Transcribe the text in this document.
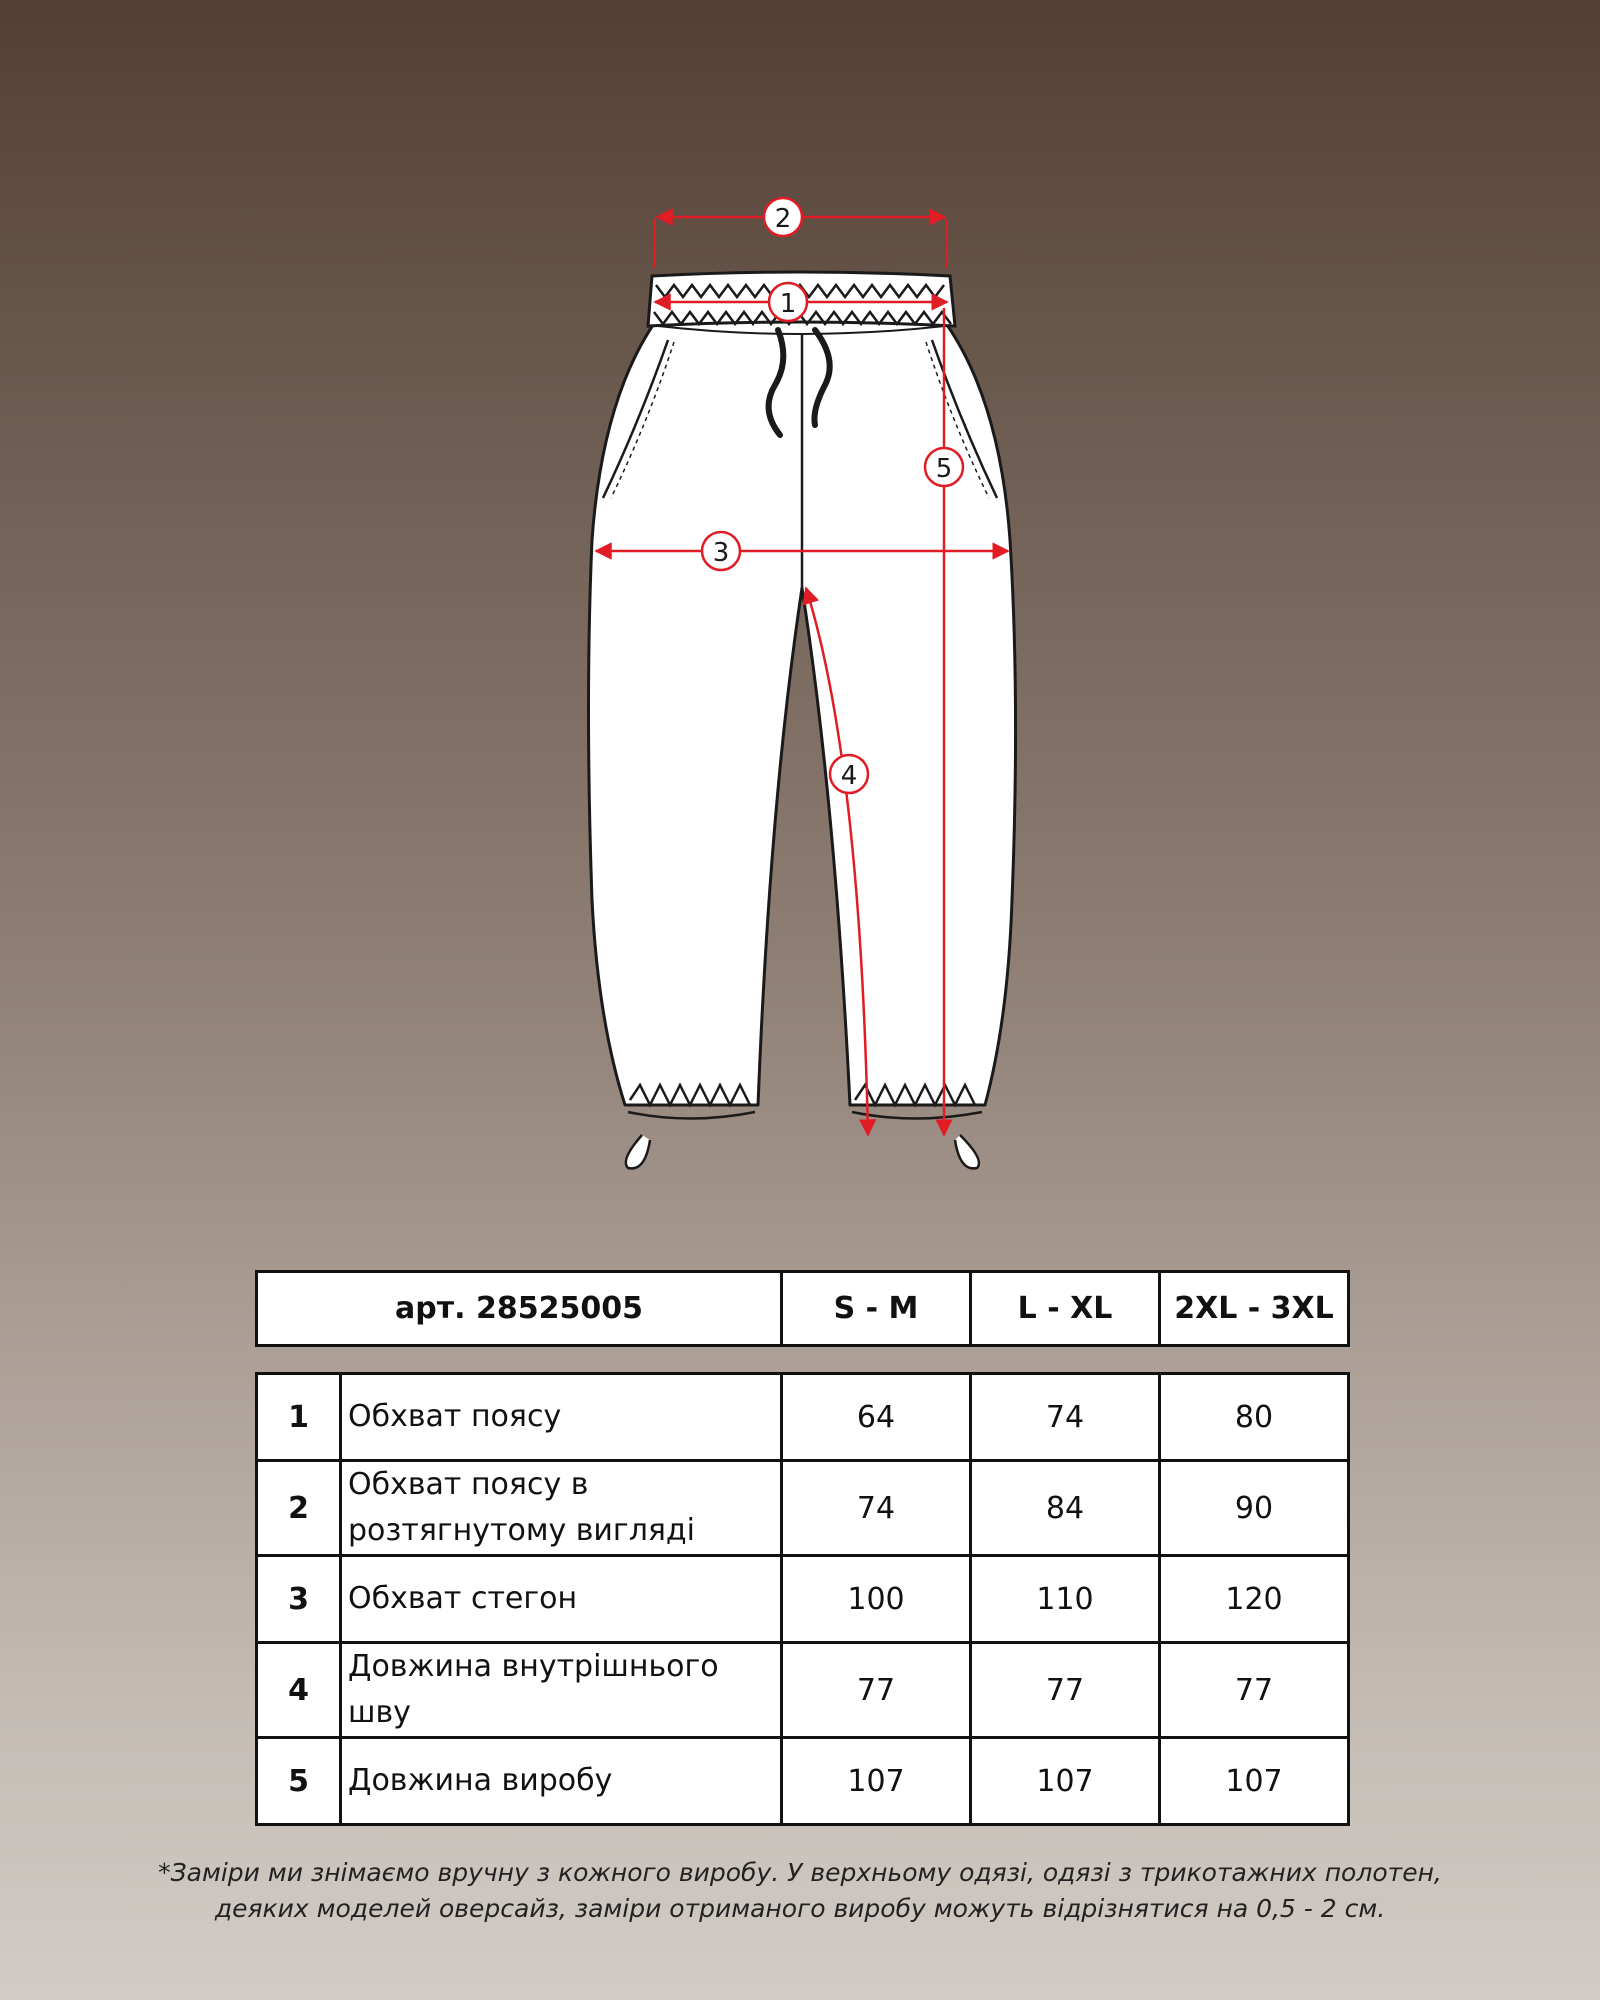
2
1
3
4
5
арт. 28525005	S - M	L - XL	2XL - 3XL
1	Обхват поясу	64	74	80
2	Обхват поясу в розтягнутому вигляді	74	84	90
3	Обхват стегон	100	110	120
4	Довжина внутрішнього шву	77	77	77
5	Довжина виробу	107	107	107
*Заміри ми знімаємо вручну з кожного виробу. У верхньому одязі, одязі з трикотажних полотен,
деяких моделей оверсайз, заміри отриманого виробу можуть відрізнятися на 0,5 - 2 см.
